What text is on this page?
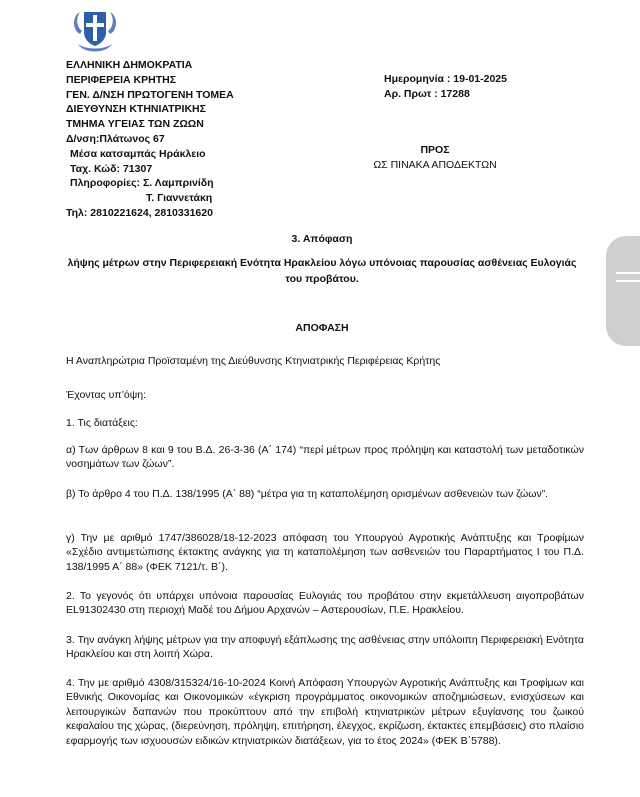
ΕΛΛΗΝΙΚΗ ΔΗΜΟΚΡΑΤΙΑ
ΠΕΡΙΦΕΡΕΙΑ ΚΡΗΤΗΣ
ΓΕΝ. Δ/ΝΣΗ ΠΡΩΤΟΓΕΝΗ ΤΟΜΕΑ
ΔΙΕΥΘΥΝΣΗ ΚΤΗΝΙΑΤΡΙΚΗΣ
ΤΜΗΜΑ ΥΓΕΙΑΣ ΤΩΝ ΖΩΩΝ
Δ/νση:Πλάτωνος 67
Μέσα κατσαμπάς Ηράκλειο
Ταχ. Κώδ: 71307
Πληροφορίες: Σ. Λαμπρινίδη
Τ. Γιαννετάκη
Τηλ: 2810221624, 2810331620
Ημερομηνία : 19-01-2025
Αρ. Πρωτ : 17288
ΠΡΟΣ
ΩΣ ΠΙΝΑΚΑ ΑΠΟΔΕΚΤΩΝ
3. Απόφαση
λήψης μέτρων στην Περιφερειακή Ενότητα Ηρακλείου λόγω υπόνοιας παρουσίας ασθένειας Ευλογιάς του προβάτου.
ΑΠΟΦΑΣΗ
Η Αναπληρώτρια Προϊσταμένη της Διεύθυνσης Κτηνιατρικής Περιφέρειας Κρήτης
Έχοντας υπ’όψη:
1. Τις διατάξεις:
α) Των άρθρων 8 και 9 του Β.Δ. 26-3-36 (Α΄ 174) “περί μέτρων προς πρόληψη και καταστολή των μεταδοτικών νοσημάτων των ζώων”.
β) Το άρθρο 4 του Π.Δ. 138/1995 (Α΄ 88) “μέτρα για τη καταπολέμηση ορισμένων ασθενειών των ζώων”.
γ) Την με αριθμό 1747/386028/18-12-2023 απόφαση του Υπουργού Αγροτικής Ανάπτυξης και Τροφίμων «Σχέδιο αντιμετώπισης έκτακτης ανάγκης για τη καταπολέμηση των ασθενειών του Παραρτήματος Ι του Π.Δ. 138/1995 Α΄ 88» (ΦΕΚ 7121/τ. Β΄).
2. Το γεγονός ότι υπάρχει υπόνοια παρουσίας Ευλογιάς του προβάτου στην εκμετάλλευση αιγοπροβάτων EL91302430 στη περιοχή Μαδέ του Δήμου Αρχανών – Αστερουσίων, Π.Ε. Ηρακλείου.
3. Την ανάγκη λήψης μέτρων για την αποφυγή εξάπλωσης της ασθένειας στην υπόλοιπη Περιφερειακή Ενότητα Ηρακλείου και στη λοιπή Χώρα.
4. Την με αριθμό 4308/315324/16-10-2024 Κοινή Απόφαση Υπουργών Αγροτικής Ανάπτυξης και Τροφίμων και Εθνικής Οικονομίας και Οικονομικών «έγκριση προγράμματος οικονομικών αποζημιώσεων, ενισχύσεων και λειτουργικών δαπανών που προκύπτουν από την επιβολή κτηνιατρικών μέτρων εξυγίανσης του ζωικού κεφαλαίου της χώρας, (διερεύνηση, πρόληψη, επιτήρηση, έλεγχος, εκρίζωση, έκτακτες επεμβάσεις) στο πλαίσιο εφαρμογής των ισχυουσών ειδικών κτηνιατρικών διατάξεων, για το έτος 2024» (ΦΕΚ Β΄5788).
